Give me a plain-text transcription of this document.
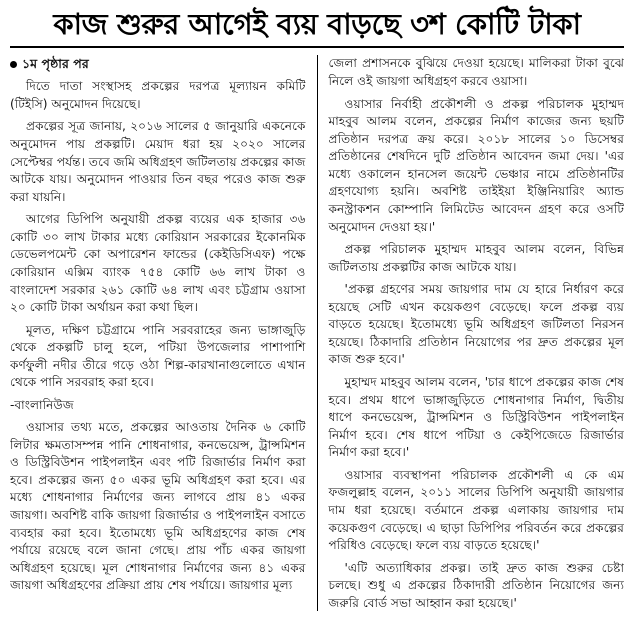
কাজ শুরুর আগেই ব্যয় বাড়ছে ৩শ কোটি টাকা
১ম পৃষ্ঠার পর

দিতে দাতা সংস্থাসহ প্রকল্পের দরপত্র মূল্যায়ন কমিটি (টিইসি) অনুমোদন দিয়েছে।

প্রকল্পের সূত্র জানায়, ২০১৬ সালের ৫ জানুয়ারি একনেকে অনুমোদন পায় প্রকল্পটি। মেয়াদ ধরা হয় ২০২০ সালের সেপ্টেম্বর পর্যন্ত। তবে জমি অধিগ্রহণ জটিলতায় প্রকল্পের কাজ আটকে যায়। অনুমোদন পাওয়ার তিন বছর পরেও কাজ শুরু করা যায়নি।

আগের ডিপিপি অনুযায়ী প্রকল্প ব্যয়ের এক হাজার ৩৬ কোটি ৩০ লাখ টাকার মধ্যে কোরিয়ান সরকারের ইকোনমিক ডেভেলপমেন্ট কো অপারেশন ফান্ডের (কেইডিসিএফ) পক্ষে কোরিয়ান এক্সিম ব্যাংক ৭৫৪ কোটি ৬৬ লাখ টাকা ও বাংলাদেশ সরকার ২৬১ কোটি ৬৪ লাখ এবং চট্টগ্রাম ওয়াসা ২০ কোটি টাকা অর্থায়ন করা কথা ছিল।

মূলত, দক্ষিণ চট্টগ্রামে পানি সরবরাহের জন্য ভাঙ্গাজুড়ি থেকে প্রকল্পটি চালু হলে, পটিয়া উপজেলার পাশাপাশি কর্ণফুলী নদীর তীরে গড়ে ওঠা শিল্প-কারখানাগুলোতে এখান থেকে পানি সরবরাহ করা হবে।

-বাংলানিউজ

ওয়াসার তথ্য মতে, প্রকল্পের আওতায় দৈনিক ৬ কোটি লিটার ক্ষমতাসম্পন্ন পানি শোধনাগার, কনভেয়েন্স, ট্রান্সমিশন ও ডিস্ট্রিবিউশন পাইপলাইন এবং পটি রিজার্ভার নির্মাণ করা হবে। প্রকল্পের জন্য ৫০ একর ভূমি অধিগ্রহণ করা হবে। এর মধ্যে শোধনাগার নির্মাণের জন্য লাগবে প্রায় ৪১ একর জায়গা। অবশিষ্ট বাকি জায়গা রিজার্ভার ও পাইপলাইন বসাতে ব্যবহার করা হবে। ইতোমধ্যে ভূমি অধিগ্রহণের কাজ শেষ পর্যায়ে রয়েছে বলে জানা গেছে। প্রায় পাঁচ একর জায়গা অধিগ্রহণ হয়েছে। মূল শোধনাগার নির্মাণের জন্য ৪১ একর জায়গা অধিগ্রহণের প্রক্রিয়া প্রায় শেষ পর্যায়ে। জায়গার মূল্য

জেলা প্রশাসনকে বুঝিয়ে দেওয়া হয়েছে। মালিকরা টাকা বুঝে নিলে ওই জায়গা অধিগ্রহণ করবে ওয়াসা।

ওয়াসার নির্বাহী প্রকৌশলী ও প্রকল্প পরিচালক মুহাম্মদ মাহবুব আলম বলেন, প্রকল্পের নির্মাণ কাজের জন্য ছয়টি প্রতিষ্ঠান দরপত্র ক্রয় করে। ২০১৮ সালের ১০ ডিসেম্বর প্রতিষ্ঠানের শেষদিনে দুটি প্রতিষ্ঠান আবেদন জমা দেয়। 'এর মধ্যে ওকালেন হানসেল জয়েন্ট ভেঞ্চার নামে প্রতিষ্ঠানটির গ্রহণযোগ্য হয়নি। অবশিষ্ট তাইইয়া ইঞ্জিনিয়ারিং অ্যান্ড কনস্ট্রাকশন কোম্পানি লিমিটেড আবেদন গ্রহণ করে ওসটি অনুমোদন দেওয়া হয়।'

প্রকল্প পরিচালক মুহাম্মদ মাহবুব আলম বলেন, বিভিন্ন জটিলতায় প্রকল্পটির কাজ আটকে যায়।

'প্রকল্প গ্রহণের সময় জায়গার দাম যে হারে নির্ধারণ করে হয়েছে সেটি এখন কয়েকগুণ বেড়েছে। ফলে প্রকল্প ব্যয় বাড়তে হয়েছে। ইতোমধ্যে ভূমি অধিগ্রহণ জটিলতা নিরসন হয়েছে। ঠিকাদারি প্রতিষ্ঠান নিয়োগের পর দ্রুত প্রকল্পের মূল কাজ শুরু হবে।'

মুহাম্মদ মাহবুব আলম বলেন, 'চার ধাপে প্রকল্পের কাজ শেষ হবে। প্রথম ধাপে ভাঙ্গাজুড়িতে শোধনাগার নির্মাণ, দ্বিতীয় ধাপে কনভেয়েন্স, ট্রান্সমিশন ও ডিস্ট্রিবিউশন পাইপলাইন নির্মাণ হবে। শেষ ধাপে পটিয়া ও কেইপিজেডে রিজার্ভার নির্মাণ করা হবে।'

ওয়াসার ব্যবস্থাপনা পরিচালক প্রকৌশলী এ কে এম ফজলুল্লাহ বলেন, ২০১১ সালের ডিপিপি অনুযায়ী জায়গার দাম ধরা হয়েছে। বর্তমানে প্রকল্প এলাকায় জায়গার দাম কয়েকগুণ বেড়েছে। এ ছাড়া ডিপিপির পরিবর্তন করে প্রকল্পের পরিধিও বেড়েছে। ফলে ব্যয় বাড়তে হয়েছে।'

'এটি অত্যাধিকার প্রকল্প। তাই দ্রুত কাজ শুরুর চেষ্টা চলছে। শুধু এ প্রকল্পের ঠিকাদারী প্রতিষ্ঠান নিয়োগের জন্য জরুরি বোর্ড সভা আহ্বান করা হয়েছে।'
